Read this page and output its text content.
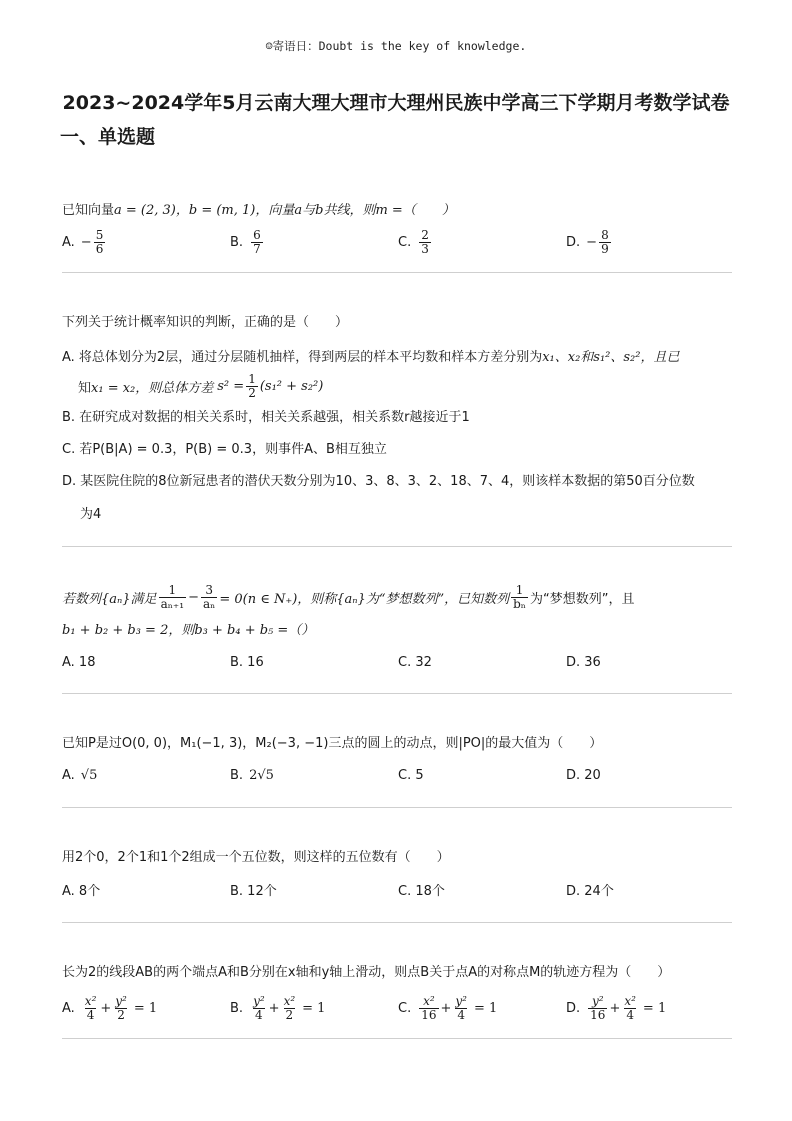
☺寄语日：Doubt is the key of knowledge.
2023~2024学年5月云南大理大理市大理州民族中学高三下学期月考数学试卷
一、单选题
已知向量 a = (2, 3)， b = (m, 1)，向量 a与 b共线，则 m =（　　）
A. − $\frac{5}{6}$	B. $\frac{6}{7}$	C. $\frac{2}{3}$	D. − $\frac{8}{9}$
下列关于统计概率知识的判断，正确的是（　　）
A. 将总体划分为2层，通过分层随机抽样，得到两层的样本平均数和样本方差分别为 x₁、x₂和s₁²、s₂²，且已
知 x₁ = x₂，则总体方差 $s^2 = \frac{1}{2} (s_1^2 + s_2^2)$
B. 在研究成对数据的相关关系时，相关关系越强，相关系数r越接近于1
C. 若P(B|A) = 0.3，P(B) = 0.3，则事件A、B相互独立
D. 某医院住院的8位新冠患者的潜伏天数分别为10、3、8、3、2、18、7、4，则该样本数据的第50百分位数
为4
若数列{aₙ}满足 $\frac{1}{\text{aₙ₊₁}} - \frac{3}{\text{aₙ}} = 0(n$ ∈ N₊)，则称{aₙ}为“梦想数列”，已知数列 $\frac{1}{\text{bₙ}}$ 为“梦想数列”，且
b₁ + b₂ + b₃ = 2，则b₃ + b₄ + b₅ =（）
A. 18	B. 16	C. 32	D. 36
已知P是过O(0, 0)，M₁(−1, 3)，M₂(−3, −1)三点的圆上的动点，则|PO|的最大值为（　　）
A. √5	B. 2√5	C. 5	D. 20
用2个0，2个1和1个2组成一个五位数，则这样的五位数有（　　）
A. 8个	B. 12个	C. 18个	D. 24个
长为2的线段AB的两个端点A和B分别在x轴和y轴上滑动，则点B关于点A的对称点M的轨迹方程为（　　）
A. $\frac{\text{x²}}{4} + \frac{\text{y²}}{2} = 1$	B. $\frac{\text{y²}}{4} + \frac{\text{x²}}{2} = 1$	C. $\frac{\text{x²}}{16} + \frac{\text{y²}}{4} = 1$	D. $\frac{\text{y²}}{16} + \frac{\text{x²}}{4} = 1$
